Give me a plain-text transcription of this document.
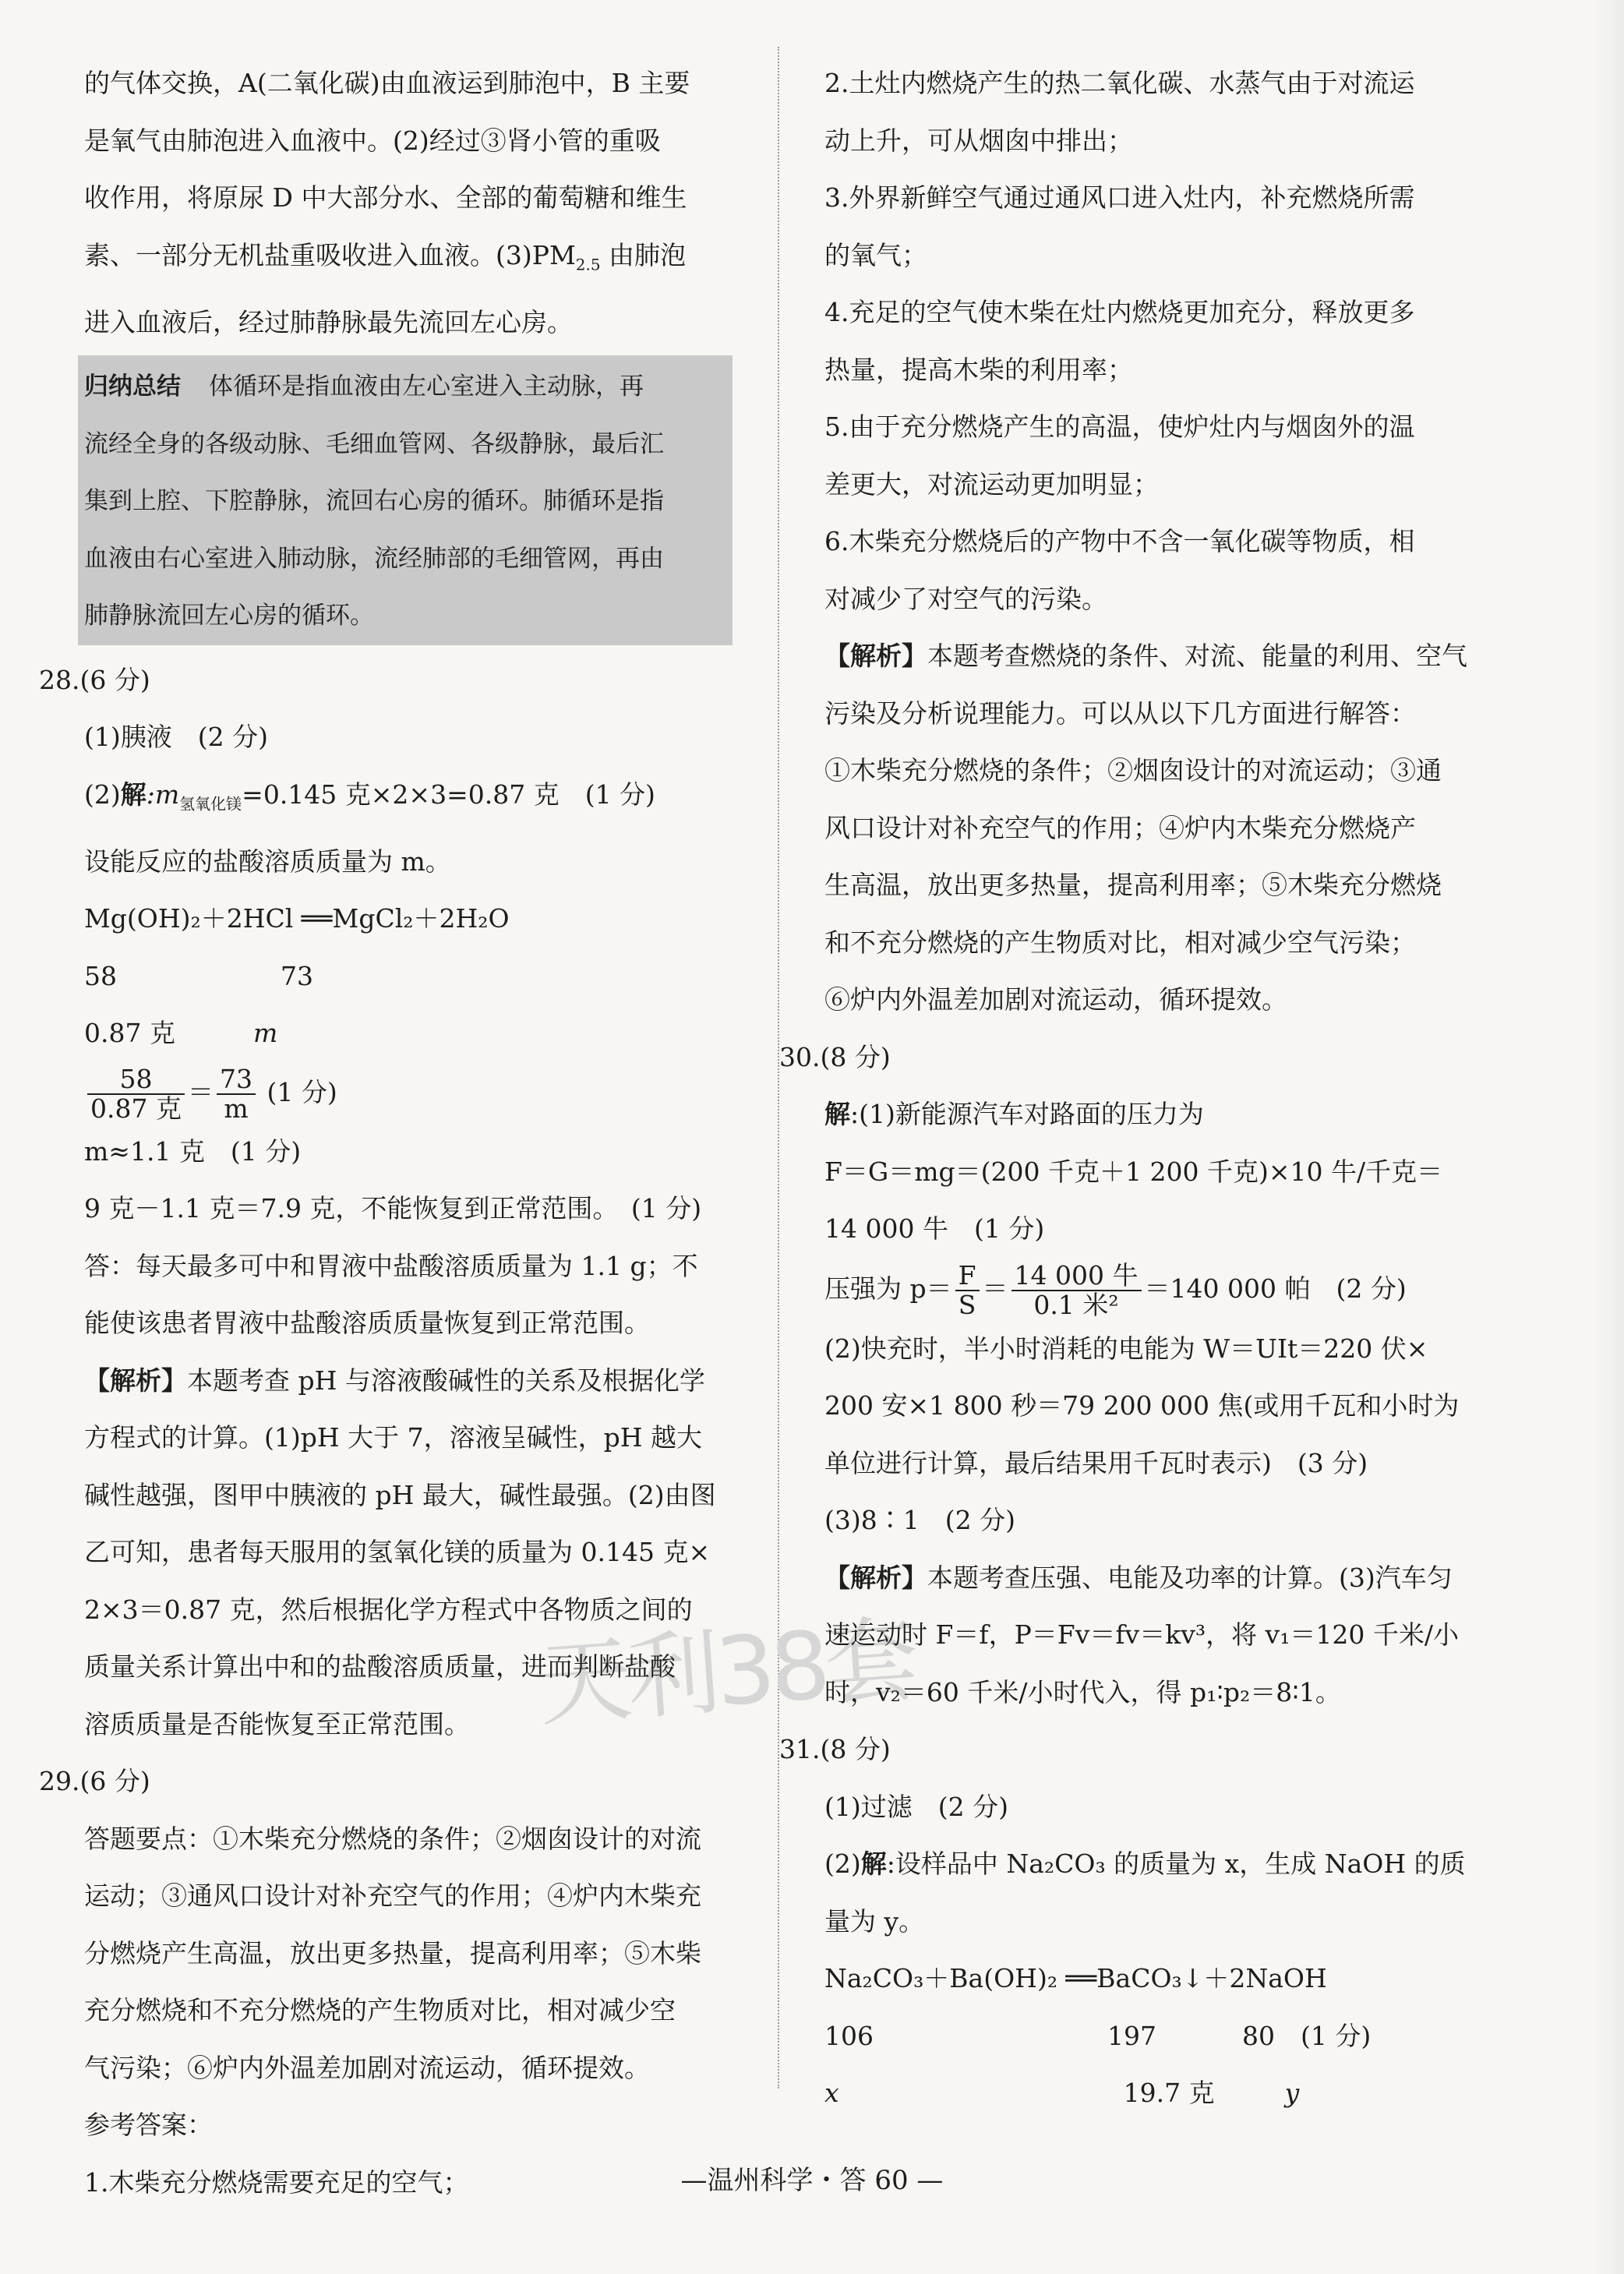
天利38套

的气体交换，A(二氧化碳)由血液运到肺泡中，B 主要

是氧气由肺泡进入血液中。(2)经过③肾小管的重吸

收作用，将原尿 D 中大部分水、全部的葡萄糖和维生

素、一部分无机盐重吸收进入血液。$(3)PM_{2.5}$ 由肺泡

进入血液后，经过肺静脉最先流回左心房。

归纳总结 体循环是指血液由左心室进入主动脉，再

流经全身的各级动脉、毛细血管网、各级静脉，最后汇

集到上腔、下腔静脉，流回右心房的循环。肺循环是指

血液由右心室进入肺动脉，流经肺部的毛细管网，再由

肺静脉流回左心房的循环。

28.(6 分)

(1)胰液　(2 分)

(2)解$:m_{氢氧化镁}=0.145$ 克×2×3=0.87 克　(1 分)

设能反应的盐酸溶质质量为 m。

Mg(OH)₂＋2HCl ══MgCl₂＋2H₂O

58	73

0.87 克	m

$\frac{58}{\text{0.87 克}} = \frac{73}{m} (1$ 分)

m≈1.1 克　(1 分)

9 克－1.1 克＝7.9 克，不能恢复到正常范围。　(1 分)

答：每天最多可中和胃液中盐酸溶质质量为 1.1 g；不

能使该患者胃液中盐酸溶质质量恢复到正常范围。

【解析】本题考查 pH 与溶液酸碱性的关系及根据化学

方程式的计算。(1)pH 大于 7，溶液呈碱性，pH 越大

碱性越强，图甲中胰液的 pH 最大，碱性最强。(2)由图

乙可知，患者每天服用的氢氧化镁的质量为 0.145 克×

2×3＝0.87 克，然后根据化学方程式中各物质之间的

质量关系计算出中和的盐酸溶质质量，进而判断盐酸

溶质质量是否能恢复至正常范围。

29.(6 分)

答题要点：①木柴充分燃烧的条件；②烟囱设计的对流

运动；③通风口设计对补充空气的作用；④炉内木柴充

分燃烧产生高温，放出更多热量，提高利用率；⑤木柴

充分燃烧和不充分燃烧的产生物质对比，相对减少空

气污染；⑥炉内外温差加剧对流运动，循环提效。

参考答案：

1.木柴充分燃烧需要充足的空气；

2.土灶内燃烧产生的热二氧化碳、水蒸气由于对流运

动上升，可从烟囱中排出；

3.外界新鲜空气通过通风口进入灶内，补充燃烧所需

的氧气；

4.充足的空气使木柴在灶内燃烧更加充分，释放更多

热量，提高木柴的利用率；

5.由于充分燃烧产生的高温，使炉灶内与烟囱外的温

差更大，对流运动更加明显；

6.木柴充分燃烧后的产物中不含一氧化碳等物质，相

对减少了对空气的污染。

【解析】本题考查燃烧的条件、对流、能量的利用、空气

污染及分析说理能力。可以从以下几方面进行解答：

①木柴充分燃烧的条件；②烟囱设计的对流运动；③通

风口设计对补充空气的作用；④炉内木柴充分燃烧产

生高温，放出更多热量，提高利用率；⑤木柴充分燃烧

和不充分燃烧的产生物质对比，相对减少空气污染；

⑥炉内外温差加剧对流运动，循环提效。

30.(8 分)

解:(1)新能源汽车对路面的压力为

F＝G＝mg＝(200 千克＋1 200 千克)×10 牛/千克＝

14 000 牛　(1 分)

压强为 $p= \frac{F}{S} = \frac{\text{14 000 牛}}{\text{0.1 米²}} =140$ 000 帕　(2 分)

(2)快充时，半小时消耗的电能为 W＝UIt＝220 伏×

200 安×1 800 秒＝79 200 000 焦(或用千瓦和小时为

单位进行计算，最后结果用千瓦时表示)　(3 分)

(3)8∶1　(2 分)

【解析】本题考查压强、电能及功率的计算。(3)汽车匀

速运动时 F＝f，P＝Fv＝fv＝kv³，将 v₁＝120 千米/小

时，v₂＝60 千米/小时代入，得 p₁∶p₂＝8∶1。

31.(8 分)

(1)过滤　(2 分)

(2)解:设样品中 Na₂CO₃ 的质量为 x，生成 NaOH 的质

量为 y。

Na₂CO₃＋Ba(OH)₂ ══BaCO₃↓＋2NaOH

106	197	80　(1 分)

x	19.7 克	y

—温州科学・答 60 —
